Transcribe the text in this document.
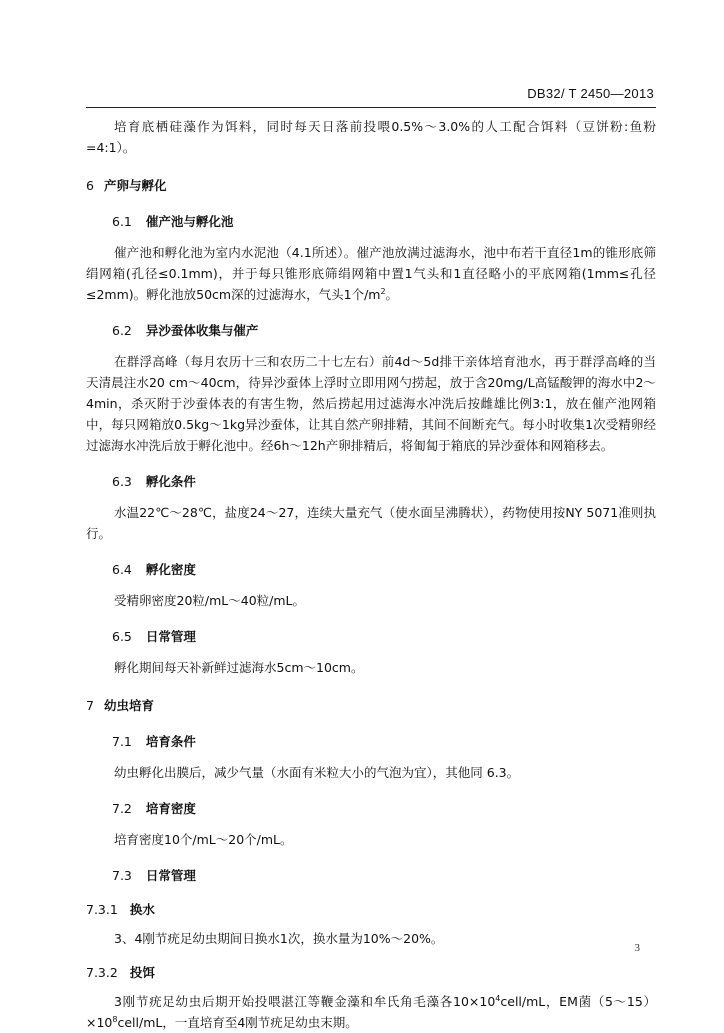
DB32/ T 2450—2013

培育底栖硅藻作为饵料，同时每天日落前投喂0.5%～3.0%的人工配合饵料（豆饼粉:鱼粉=4:1）。

6 产卵与孵化
6.1 催产池与孵化池

催产池和孵化池为室内水泥池（4.1所述）。催产池放满过滤海水，池中布若干直径1m的锥形底筛绢网箱(孔径≤0.1mm)，并于每只锥形底筛绢网箱中置1气头和1直径略小的平底网箱(1mm≤孔径≤2mm)。孵化池放50cm深的过滤海水，气头1个$/m^2$。

6.2 异沙蚕体收集与催产

在群浮高峰（每月农历十三和农历二十七左右）前4d～5d排干亲体培育池水，再于群浮高峰的当天清晨注水20 cm～40cm，待异沙蚕体上浮时立即用网勺捞起，放于含20mg/L高锰酸钾的海水中2～4min，杀灭附于沙蚕体表的有害生物，然后捞起用过滤海水冲洗后按雌雄比例3:1，放在催产池网箱中，每只网箱放0.5kg～1kg异沙蚕体，让其自然产卵排精，其间不间断充气。每小时收集1次受精卵经过滤海水冲洗后放于孵化池中。经6h～12h产卵排精后，将匍匐于箱底的异沙蚕体和网箱移去。

6.3 孵化条件

水温22℃～28℃，盐度24～27，连续大量充气（使水面呈沸腾状），药物使用按NY 5071准则执行。

6.4 孵化密度

受精卵密度20粒/mL～40粒/mL。

6.5 日常管理

孵化期间每天补新鲜过滤海水5cm～10cm。

7 幼虫培育
7.1 培育条件

幼虫孵化出膜后，减少气量（水面有米粒大小的气泡为宜），其他同 6.3。

7.2 培育密度

培育密度10个/mL～20个/mL。

7.3 日常管理
7.3.1 换水

3、4刚节疣足幼虫期间日换水1次，换水量为10%～20%。

7.3.2 投饵

3刚节疣足幼虫后期开始投喂湛江等鞭金藻和牟氏角毛藻各$10\times 10^4cell/mL$，EM菌$(5\sim 15)\times 10^8cell/mL$，一直培育至4刚节疣足幼虫末期。

3
